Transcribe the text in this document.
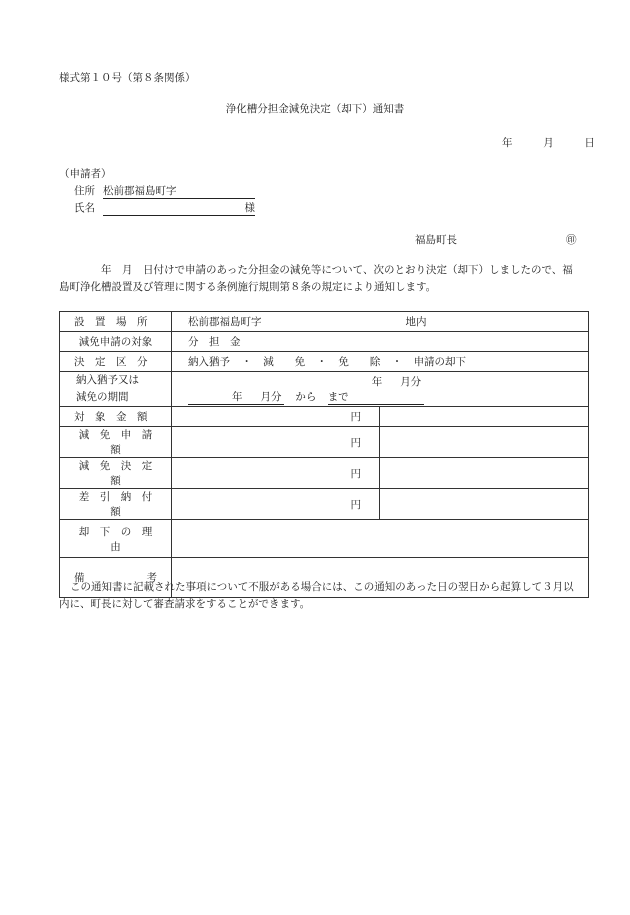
様式第１０号（第８条関係）
浄化槽分担金減免決定（却下）通知書
年	月	日
（申請者）
住所 松前郡福島町字
氏名	様
福島町長	㊞
年　月　日付けで申請のあった分担金の減免等について、次のとおり決定（却下）しましたので、福
島町浄化槽設置及び管理に関する条例施行規則第８条の規定により通知します。
設　置　場　所	松前郡福島町字 地内	

減免申請の対象	分　担　金	

決　定　区　分	納入猶予 ・ 減　　免 ・ 免　　除 ・ 申請の却下	

納入猶予又は
減免の期間	年 月分 から 年 月分まで	

対　象　金　額	円	

減　免　申　請　額	円	

減　免　決　定　額	円	

差　引　納　付　額	円	

却　下　の　理　由		

備 考		

この通知書に記載された事項について不服がある場合には、この通知のあった日の翌日から起算して３月以
内に、町長に対して審査請求をすることができます。
